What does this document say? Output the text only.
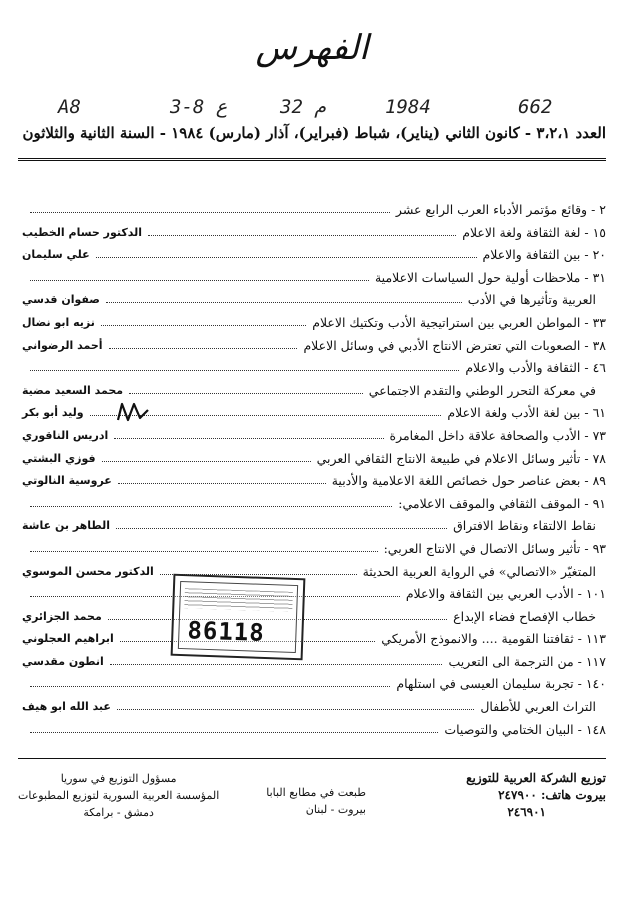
الفهرس
A8	3-8 ع	32 م	1984	662
العدد ٣،٢،١ - كانون الثاني (يناير)، شباط (فبراير)، آذار (مارس) ١٩٨٤ - السنة الثانية والثلاثون
٢ - وقائع مؤتمر الأدباء العرب الرابع عشر
١٥ - لغة الثقافة ولغة الاعلام
الدكتور حسام الخطيب
٢٠ - بين الثقافة والاعلام
علي سليمان
٣١ - ملاحظات أولية حول السياسات الاعلامية
العربية وتأثيرها في الأدب
صفوان قدسي
٣٣ - المواطن العربي بين استراتيجية الأدب وتكتيك الاعلام
نزيه ابو نضال
٣٨ - الصعوبات التي تعترض الانتاج الأدبي في وسائل الاعلام
أحمد الرضواني
٤٦ - الثقافة والأدب والاعلام
في معركة التحرر الوطني والتقدم الاجتماعي
محمد السعيد مضية
٦١ - بين لغة الأدب ولغة الاعلام
وليد أبو بكر
٧٣ - الأدب والصحافة علاقة داخل المغامرة
ادريس الناقوري
٧٨ - تأثير وسائل الاعلام في طبيعة الانتاج الثقافي العربي
فوزي البشتي
٨٩ - بعض عناصر حول خصائص اللغة الاعلامية والأدبية
عروسية النالوتي
٩١ - الموقف الثقافي والموقف الاعلامي:
نقاط الالتقاء ونقاط الافتراق
الطاهر بن عاشة
٩٣ - تأثير وسائل الاتصال في الانتاج العربي:
المتغيّر «الاتصالي» في الرواية العربية الحديثة
الدكتور محسن الموسوي
١٠١ - الأدب العربي بين الثقافة والاعلام
خطاب الإفصاح فضاء الإبداع
محمد الجزائري
١١٣ - ثقافتنا القومية .... والانموذج الأمريكي
ابراهيم العجلوني
١١٧ - من الترجمة الى التعريب
انطون مقدسي
١٤٠ - تجربة سليمان العيسى في استلهام
التراث العربي للأطفال
عبد الله ابو هيف
١٤٨ - البيان الختامي والتوصيات
86118
توزيع الشركة العربية للتوزيع
بيروت هاتف: ٢٤٧٩٠٠
٢٤٦٩٠١
طبعت في مطابع البابا
بيروت - لبنان
مسؤول التوزيع في سوريا
المؤسسة العربية السورية لتوزيع المطبوعات
دمشق - برامكة
